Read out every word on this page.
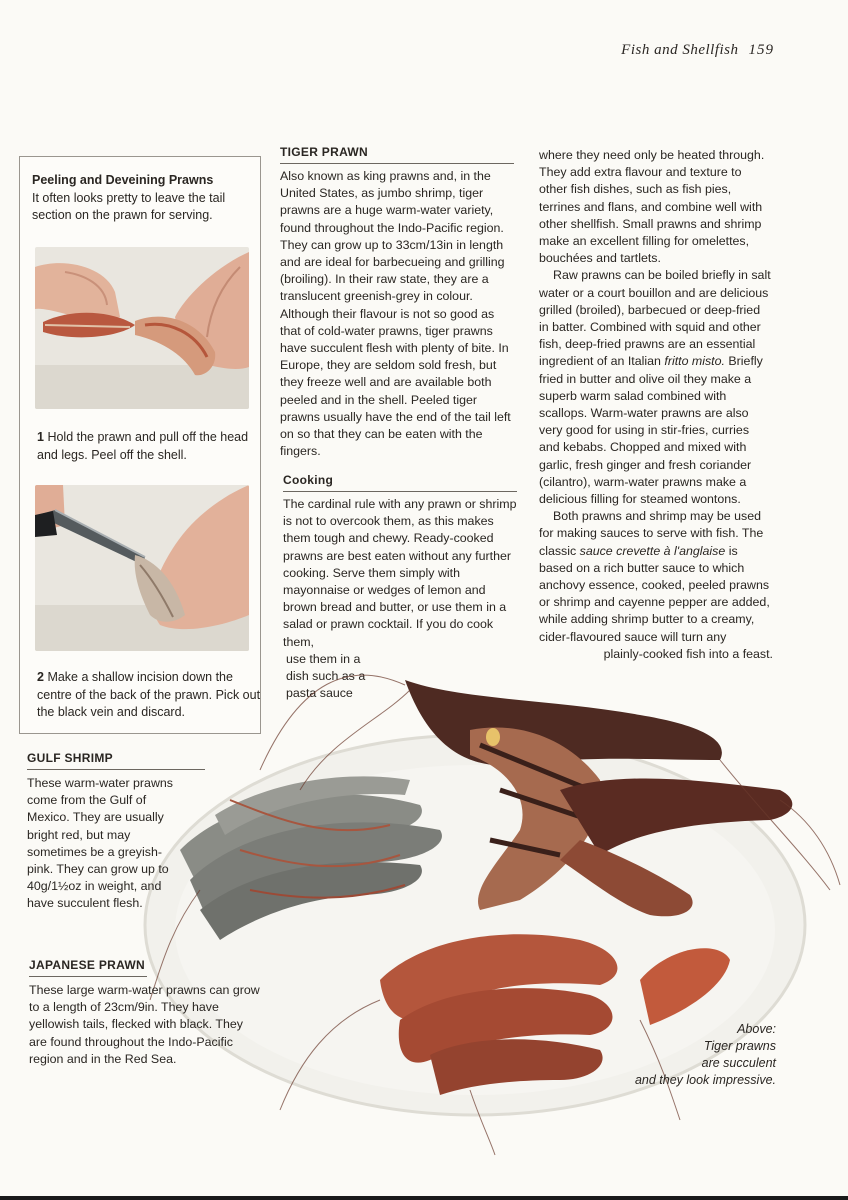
Fish and Shellfish 159
Peeling and Deveining Prawns
It often looks pretty to leave the tail section on the prawn for serving.
1 Hold the prawn and pull off the head and legs. Peel off the shell.
2 Make a shallow incision down the centre of the back of the prawn. Pick out the black vein and discard.
TIGER PRAWN

Also known as king prawns and, in the United States, as jumbo shrimp, tiger prawns are a huge warm-water variety, found throughout the Indo-Pacific region. They can grow up to 33cm/13in in length and are ideal for barbecueing and grilling (broiling). In their raw state, they are a translucent greenish-grey in colour. Although their flavour is not so good as that of cold-water prawns, tiger prawns have succulent flesh with plenty of bite. In Europe, they are seldom sold fresh, but they freeze well and are available both peeled and in the shell. Peeled tiger prawns usually have the end of the tail left on so that they can be eaten with the fingers.

Cooking

The cardinal rule with any prawn or shrimp is not to overcook them, as this makes them tough and chewy. Ready-cooked prawns are best eaten without any further cooking. Serve them simply with mayonnaise or wedges of lemon and brown bread and butter, or use them in a salad or prawn cocktail. If you do cook them,

use them in a

dish such as a

pasta sauce

where they need only be heated through. They add extra flavour and texture to other fish dishes, such as fish pies, terrines and flans, and combine well with other shellfish. Small prawns and shrimp make an excellent filling for omelettes, bouchées and tartlets.

Raw prawns can be boiled briefly in salt water or a court bouillon and are delicious grilled (broiled), barbecued or deep-fried in batter. Combined with squid and other fish, deep-fried prawns are an essential ingredient of an Italian fritto misto. Briefly fried in butter and olive oil they make a superb warm salad combined with scallops. Warm-water prawns are also very good for using in stir-fries, curries and kebabs. Chopped and mixed with garlic, fresh ginger and fresh coriander (cilantro), warm-water prawns make a delicious filling for steamed wontons.

Both prawns and shrimp may be used for making sauces to serve with fish. The classic sauce crevette à l'anglaise is based on a rich butter sauce to which anchovy essence, cooked, peeled prawns or shrimp and cayenne pepper are added, while adding shrimp butter to a creamy, cider-flavoured sauce will turn any

plainly-cooked fish into a feast.

GULF SHRIMP

These warm-water prawns come from the Gulf of Mexico. They are usually bright red, but may sometimes be a greyish-pink. They can grow up to 40g/1½oz in weight, and have succulent flesh.

JAPANESE PRAWN

These large warm-water prawns can grow to a length of 23cm/9in. They have yellowish tails, flecked with black. They are found throughout the Indo-Pacific region and in the Red Sea.

Above:
Tiger prawns
are succulent
and they look impressive.
